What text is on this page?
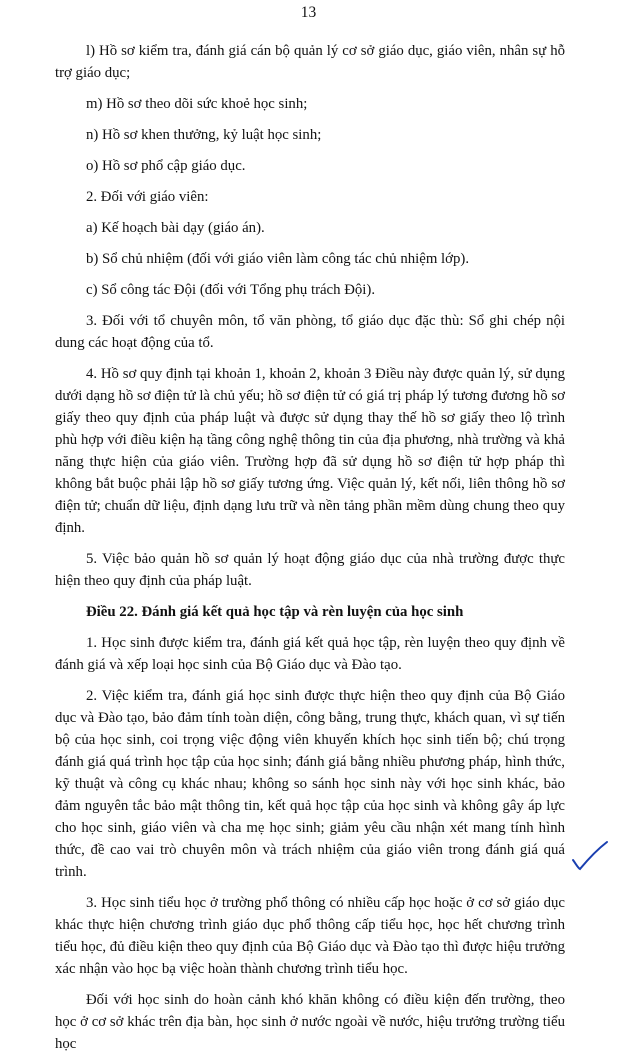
13

l) Hồ sơ kiểm tra, đánh giá cán bộ quản lý cơ sở giáo dục, giáo viên, nhân sự hỗ trợ giáo dục;

m) Hồ sơ theo dõi sức khoẻ học sinh;

n) Hồ sơ khen thưởng, kỷ luật học sinh;

o) Hồ sơ phổ cập giáo dục.

2. Đối với giáo viên:

a) Kế hoạch bài dạy (giáo án).

b) Sổ chủ nhiệm (đối với giáo viên làm công tác chủ nhiệm lớp).

c) Sổ công tác Đội (đối với Tổng phụ trách Đội).

3. Đối với tổ chuyên môn, tổ văn phòng, tổ giáo dục đặc thù: Sổ ghi chép nội dung các hoạt động của tổ.

4. Hồ sơ quy định tại khoản 1, khoản 2, khoản 3 Điều này được quản lý, sử dụng dưới dạng hồ sơ điện tử là chủ yếu; hồ sơ điện tử có giá trị pháp lý tương đương hồ sơ giấy theo quy định của pháp luật và được sử dụng thay thế hồ sơ giấy theo lộ trình phù hợp với điều kiện hạ tầng công nghệ thông tin của địa phương, nhà trường và khả năng thực hiện của giáo viên. Trường hợp đã sử dụng hồ sơ điện tử hợp pháp thì không bắt buộc phải lập hồ sơ giấy tương ứng. Việc quản lý, kết nối, liên thông hồ sơ điện tử; chuẩn dữ liệu, định dạng lưu trữ và nền tảng phần mềm dùng chung theo quy định.

5. Việc bảo quản hồ sơ quản lý hoạt động giáo dục của nhà trường được thực hiện theo quy định của pháp luật.

Điều 22. Đánh giá kết quả học tập và rèn luyện của học sinh

1. Học sinh được kiểm tra, đánh giá kết quả học tập, rèn luyện theo quy định về đánh giá và xếp loại học sinh của Bộ Giáo dục và Đào tạo.

2. Việc kiểm tra, đánh giá học sinh được thực hiện theo quy định của Bộ Giáo dục và Đào tạo, bảo đảm tính toàn diện, công bằng, trung thực, khách quan, vì sự tiến bộ của học sinh, coi trọng việc động viên khuyến khích học sinh tiến bộ; chú trọng đánh giá quá trình học tập của học sinh; đánh giá bằng nhiều phương pháp, hình thức, kỹ thuật và công cụ khác nhau; không so sánh học sinh này với học sinh khác, bảo đảm nguyên tắc bảo mật thông tin, kết quả học tập của học sinh và không gây áp lực cho học sinh, giáo viên và cha mẹ học sinh; giảm yêu cầu nhận xét mang tính hình thức, đề cao vai trò chuyên môn và trách nhiệm của giáo viên trong đánh giá quá trình.

3. Học sinh tiểu học ở trường phổ thông có nhiều cấp học hoặc ở cơ sở giáo dục khác thực hiện chương trình giáo dục phổ thông cấp tiểu học, học hết chương trình tiểu học, đủ điều kiện theo quy định của Bộ Giáo dục và Đào tạo thì được hiệu trưởng xác nhận vào học bạ việc hoàn thành chương trình tiểu học.

Đối với học sinh do hoàn cảnh khó khăn không có điều kiện đến trường, theo học ở cơ sở khác trên địa bàn, học sinh ở nước ngoài về nước, hiệu trưởng trường tiểu học
